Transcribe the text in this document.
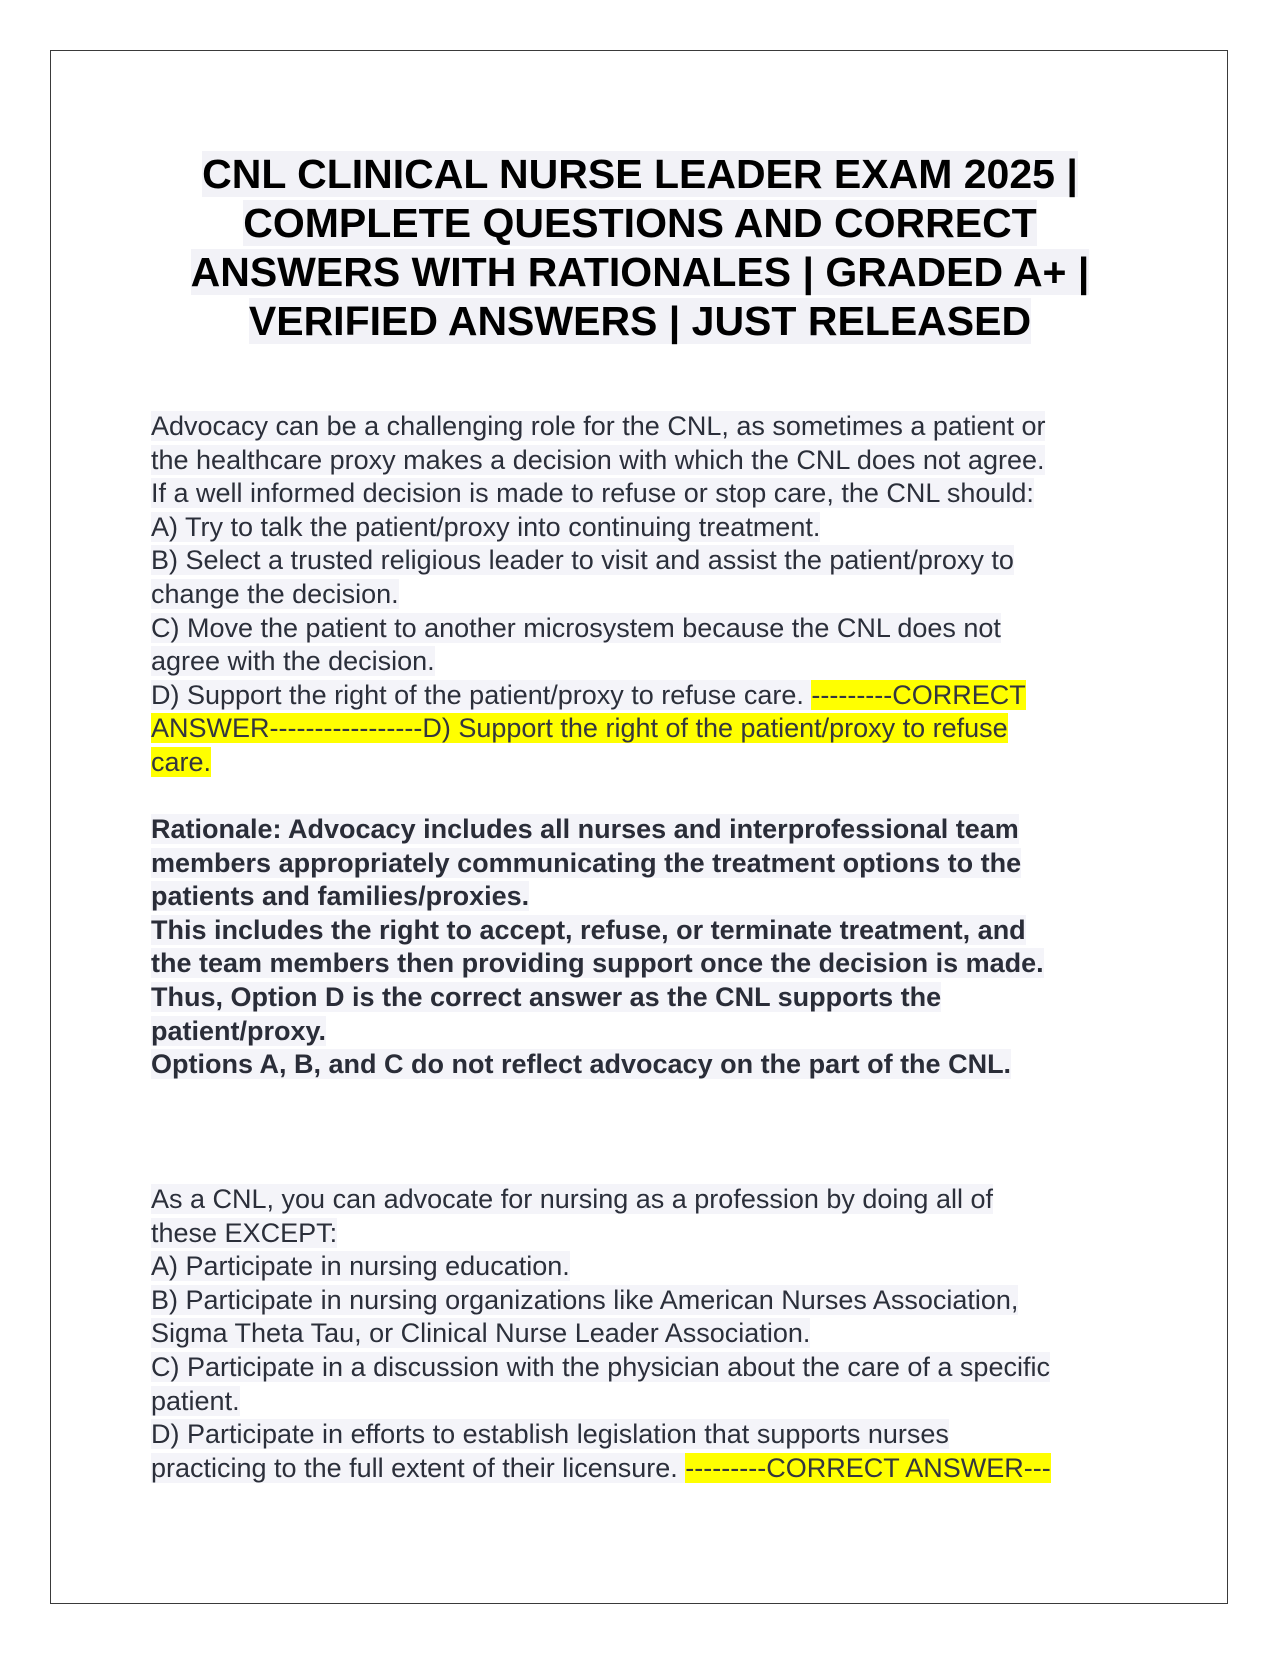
CNL CLINICAL NURSE LEADER EXAM 2025 |
COMPLETE QUESTIONS AND CORRECT
ANSWERS WITH RATIONALES | GRADED A+ |
VERIFIED ANSWERS | JUST RELEASED
Advocacy can be a challenging role for the CNL, as sometimes a patient or
the healthcare proxy makes a decision with which the CNL does not agree.
If a well informed decision is made to refuse or stop care, the CNL should:
A) Try to talk the patient/proxy into continuing treatment.
B) Select a trusted religious leader to visit and assist the patient/proxy to
change the decision.
C) Move the patient to another microsystem because the CNL does not
agree with the decision.
D) Support the right of the patient/proxy to refuse care. ---------CORRECT
ANSWER-----------------D) Support the right of the patient/proxy to refuse
care.
Rationale: Advocacy includes all nurses and interprofessional team
members appropriately communicating the treatment options to the
patients and families/proxies.
This includes the right to accept, refuse, or terminate treatment, and
the team members then providing support once the decision is made.
Thus, Option D is the correct answer as the CNL supports the
patient/proxy.
Options A, B, and C do not reflect advocacy on the part of the CNL.
As a CNL, you can advocate for nursing as a profession by doing all of
these EXCEPT:
A) Participate in nursing education.
B) Participate in nursing organizations like American Nurses Association,
Sigma Theta Tau, or Clinical Nurse Leader Association.
C) Participate in a discussion with the physician about the care of a specific
patient.
D) Participate in efforts to establish legislation that supports nurses
practicing to the full extent of their licensure. ---------CORRECT ANSWER---
